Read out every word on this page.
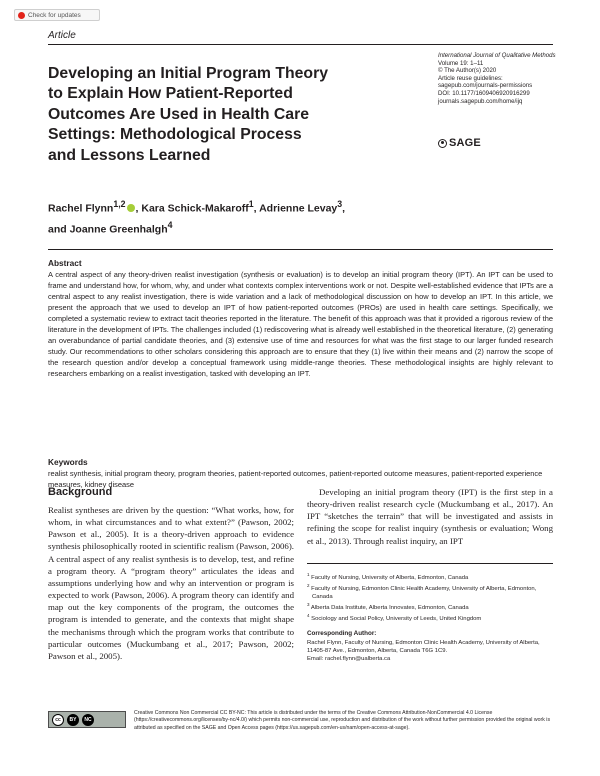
Check for updates
Article
International Journal of Qualitative Methods
Volume 19: 1–11
© The Author(s) 2020
Article reuse guidelines:
sagepub.com/journals-permissions
DOI: 10.1177/1609406920916299
journals.sagepub.com/home/ijq
SAGE
Developing an Initial Program Theory
to Explain How Patient-Reported
Outcomes Are Used in Health Care
Settings: Methodological Process
and Lessons Learned
Rachel Flynn$^{1,2}$ , Kara Schick-Makaroff$^1$, Adrienne Levay$^3$,
and Joanne Greenhalgh$^4$
Abstract

A central aspect of any theory-driven realist investigation (synthesis or evaluation) is to develop an initial program theory (IPT). An IPT can be used to frame and understand how, for whom, why, and under what contexts complex interventions work or not. Despite well-established evidence that IPTs are a central aspect to any realist investigation, there is wide variation and a lack of methodological discussion on how to develop an IPT. In this article, we present the approach that we used to develop an IPT of how patient-reported outcomes (PROs) are used in health care settings. Specifically, we completed a systematic review to extract tacit theories reported in the literature. The benefit of this approach was that it provided a rigorous review of the literature in the development of IPTs. The challenges included (1) rediscovering what is already well established in the theoretical literature, (2) generating an overabundance of partial candidate theories, and (3) extensive use of time and resources for what was the first stage to our larger funded research study. Our recommendations to other scholars considering this approach are to ensure that they (1) live within their means and (2) narrow the scope of the research question and/or develop a conceptual framework using middle-range theories. These methodological insights are highly relevant to researchers embarking on a realist investigation, tasked with developing an IPT.

Keywords

realist synthesis, initial program theory, program theories, patient-reported outcomes, patient-reported outcome measures, patient-reported experience measures, kidney disease

Background

Realist syntheses are driven by the question: “What works, how, for whom, in what circumstances and to what extent?” (Pawson, 2002; Pawson et al., 2005). It is a theory-driven approach to evidence synthesis philosophically rooted in scientific realism (Pawson, 2006). A central aspect of any realist synthesis is to develop, test, and refine a program theory. A “program theory” articulates the ideas and assumptions underlying how and why an intervention or program is expected to work (Pawson, 2006). A program theory can identify and map out the key components of the program, the outcomes the program is intended to generate, and the contexts that might shape the mechanisms through which the program works that contribute to particular outcomes (Muckumbang et al., 2017; Pawson, 2002; Pawson et al., 2005).

Developing an initial program theory (IPT) is the first step in a theory-driven realist research cycle (Muckumbang et al., 2017). An IPT “sketches the terrain” that will be investigated and assists in refining the scope for realist inquiry (synthesis or evaluation; Wong et al., 2013). Through realist inquiry, an IPT

$^1$ Faculty of Nursing, University of Alberta, Edmonton, Canada
$^2$ Faculty of Nursing, Edmonton Clinic Health Academy, University of Alberta, Edmonton, Canada
$^3$ Alberta Data Institute, Alberta Innovates, Edmonton, Canada
$^4$ Sociology and Social Policy, University of Leeds, United Kingdom
Corresponding Author:
Rachel Flynn, Faculty of Nursing, Edmonton Clinic Health Academy, University of Alberta, 11405-87 Ave., Edmonton, Alberta, Canada T6G 1C9.
Email: rachel.flynn@ualberta.ca
cc	BY	NC

Creative Commons Non Commercial CC BY-NC: This article is distributed under the terms of the Creative Commons Attribution-NonCommercial 4.0 License (https://creativecommons.org/licenses/by-nc/4.0/) which permits non-commercial use, reproduction and distribution of the work without further permission provided the original work is attributed as specified on the SAGE and Open Access pages (https://us.sagepub.com/en-us/nam/open-access-at-sage).
